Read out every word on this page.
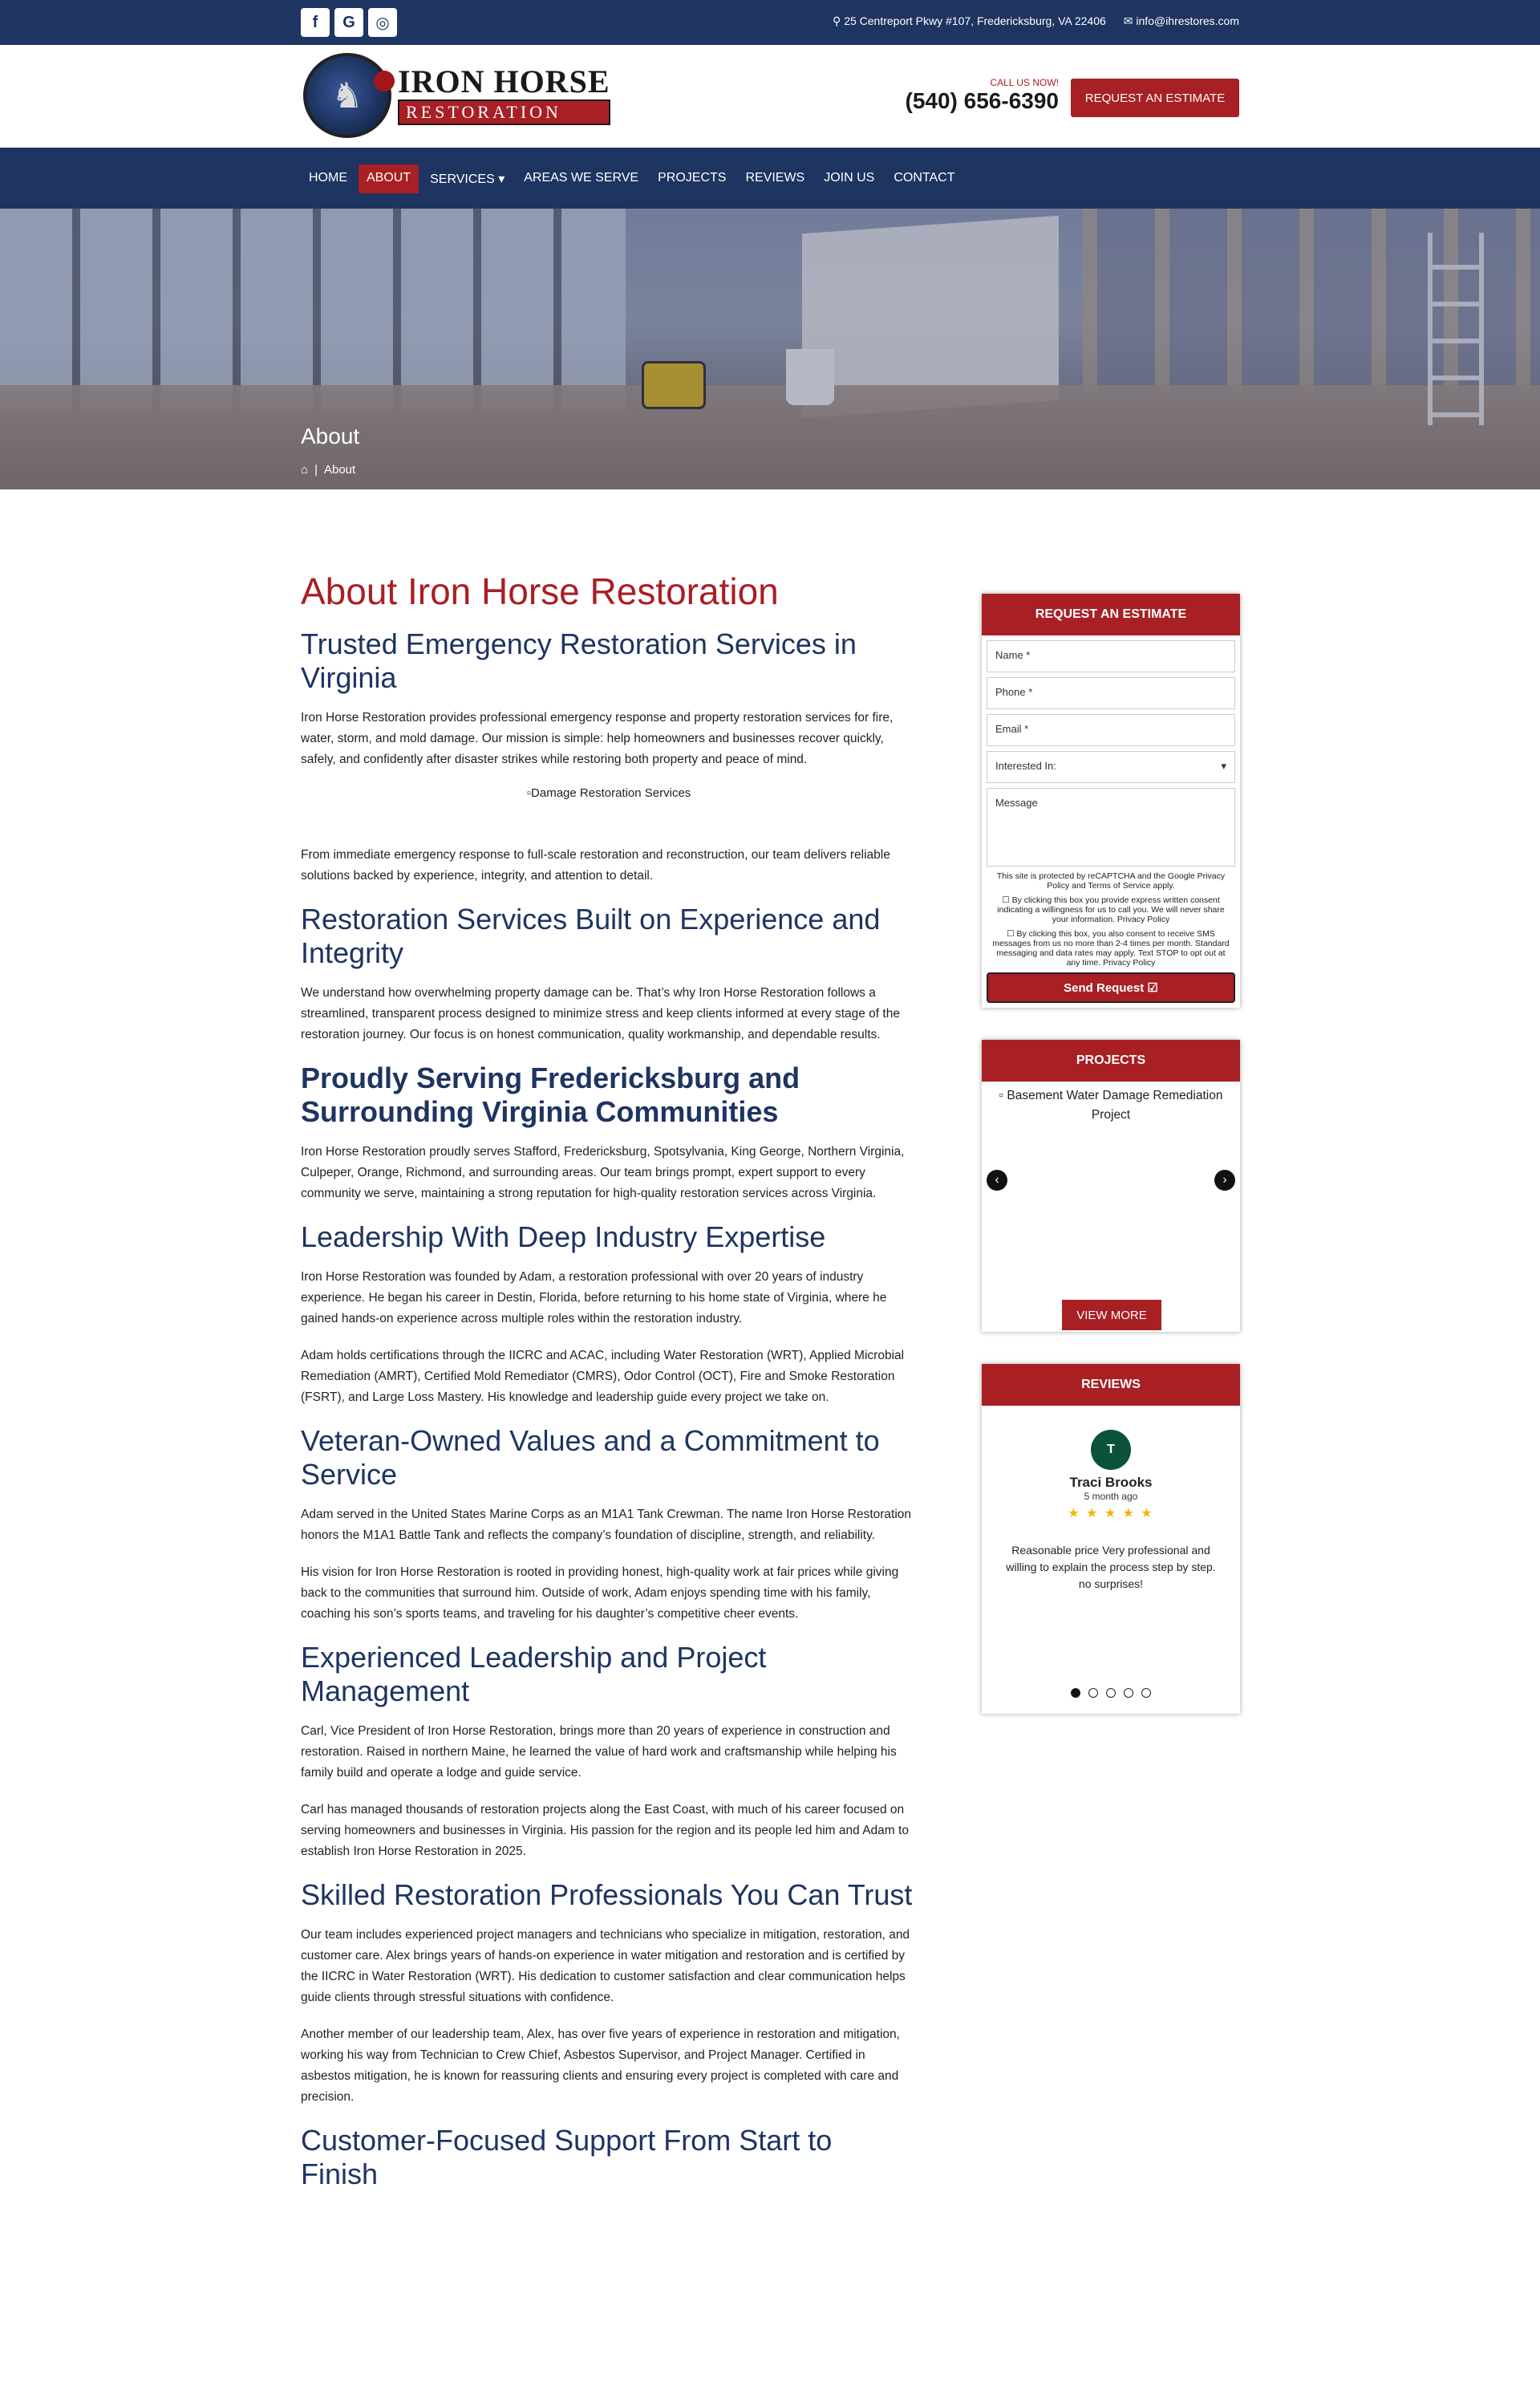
f	G	◎	⚲ 25 Centreport Pkwy #107, Fredericksburg, VA 22406 ✉ info@ihrestores.com
♞	IRON HORSE
RESTORATION
CALL US NOW!
(540) 656-6390	REQUEST AN ESTIMATE
HOME	ABOUT	SERVICES ▾	AREAS WE SERVE	PROJECTS	REVIEWS	JOIN US	CONTACT
About
⌂ | About
About Iron Horse Restoration
Trusted Emergency Restoration Services in Virginia

Iron Horse Restoration provides professional emergency response and property restoration services for fire, water, storm, and mold damage. Our mission is simple: help homeowners and businesses recover quickly, safely, and confidently after disaster strikes while restoring both property and peace of mind.

▫Damage Restoration Services

From immediate emergency response to full-scale restoration and reconstruction, our team delivers reliable solutions backed by experience, integrity, and attention to detail.

Restoration Services Built on Experience and Integrity

We understand how overwhelming property damage can be. That’s why Iron Horse Restoration follows a streamlined, transparent process designed to minimize stress and keep clients informed at every stage of the restoration journey. Our focus is on honest communication, quality workmanship, and dependable results.

Proudly Serving Fredericksburg and Surrounding Virginia Communities

Iron Horse Restoration proudly serves Stafford, Fredericksburg, Spotsylvania, King George, Northern Virginia, Culpeper, Orange, Richmond, and surrounding areas. Our team brings prompt, expert support to every community we serve, maintaining a strong reputation for high-quality restoration services across Virginia.

Leadership With Deep Industry Expertise

Iron Horse Restoration was founded by Adam, a restoration professional with over 20 years of industry experience. He began his career in Destin, Florida, before returning to his home state of Virginia, where he gained hands-on experience across multiple roles within the restoration industry.

Adam holds certifications through the IICRC and ACAC, including Water Restoration (WRT), Applied Microbial Remediation (AMRT), Certified Mold Remediator (CMRS), Odor Control (OCT), Fire and Smoke Restoration (FSRT), and Large Loss Mastery. His knowledge and leadership guide every project we take on.

Veteran-Owned Values and a Commitment to Service

Adam served in the United States Marine Corps as an M1A1 Tank Crewman. The name Iron Horse Restoration honors the M1A1 Battle Tank and reflects the company’s foundation of discipline, strength, and reliability.

His vision for Iron Horse Restoration is rooted in providing honest, high-quality work at fair prices while giving back to the communities that surround him. Outside of work, Adam enjoys spending time with his family, coaching his son’s sports teams, and traveling for his daughter’s competitive cheer events.

Experienced Leadership and Project Management

Carl, Vice President of Iron Horse Restoration, brings more than 20 years of experience in construction and restoration. Raised in northern Maine, he learned the value of hard work and craftsmanship while helping his family build and operate a lodge and guide service.

Carl has managed thousands of restoration projects along the East Coast, with much of his career focused on serving homeowners and businesses in Virginia. His passion for the region and its people led him and Adam to establish Iron Horse Restoration in 2025.

Skilled Restoration Professionals You Can Trust

Our team includes experienced project managers and technicians who specialize in mitigation, restoration, and customer care. Alex brings years of hands-on experience in water mitigation and restoration and is certified by the IICRC in Water Restoration (WRT). His dedication to customer satisfaction and clear communication helps guide clients through stressful situations with confidence.

Another member of our leadership team, Alex, has over five years of experience in restoration and mitigation, working his way from Technician to Crew Chief, Asbestos Supervisor, and Project Manager. Certified in asbestos mitigation, he is known for reassuring clients and ensuring every project is completed with care and precision.

Customer-Focused Support From Start to Finish
REQUEST AN ESTIMATE
Name *
Phone *
Email *
Interested In:	▾
Message
This site is protected by reCAPTCHA and the Google Privacy Policy and Terms of Service apply.
☐ By clicking this box you provide express written consent indicating a willingness for us to call you. We will never share your information. Privacy Policy
☐ By clicking this box, you also consent to receive SMS messages from us no more than 2-4 times per month. Standard messaging and data rates may apply. Text STOP to opt out at any time. Privacy Policy
Send Request ☑
PROJECTS
▫ Basement Water Damage Remediation Project
‹	›
VIEW MORE
REVIEWS
T
Traci Brooks
5 month ago
★ ★ ★ ★ ★
Reasonable price Very professional and willing to explain the process step by step. no surprises!
